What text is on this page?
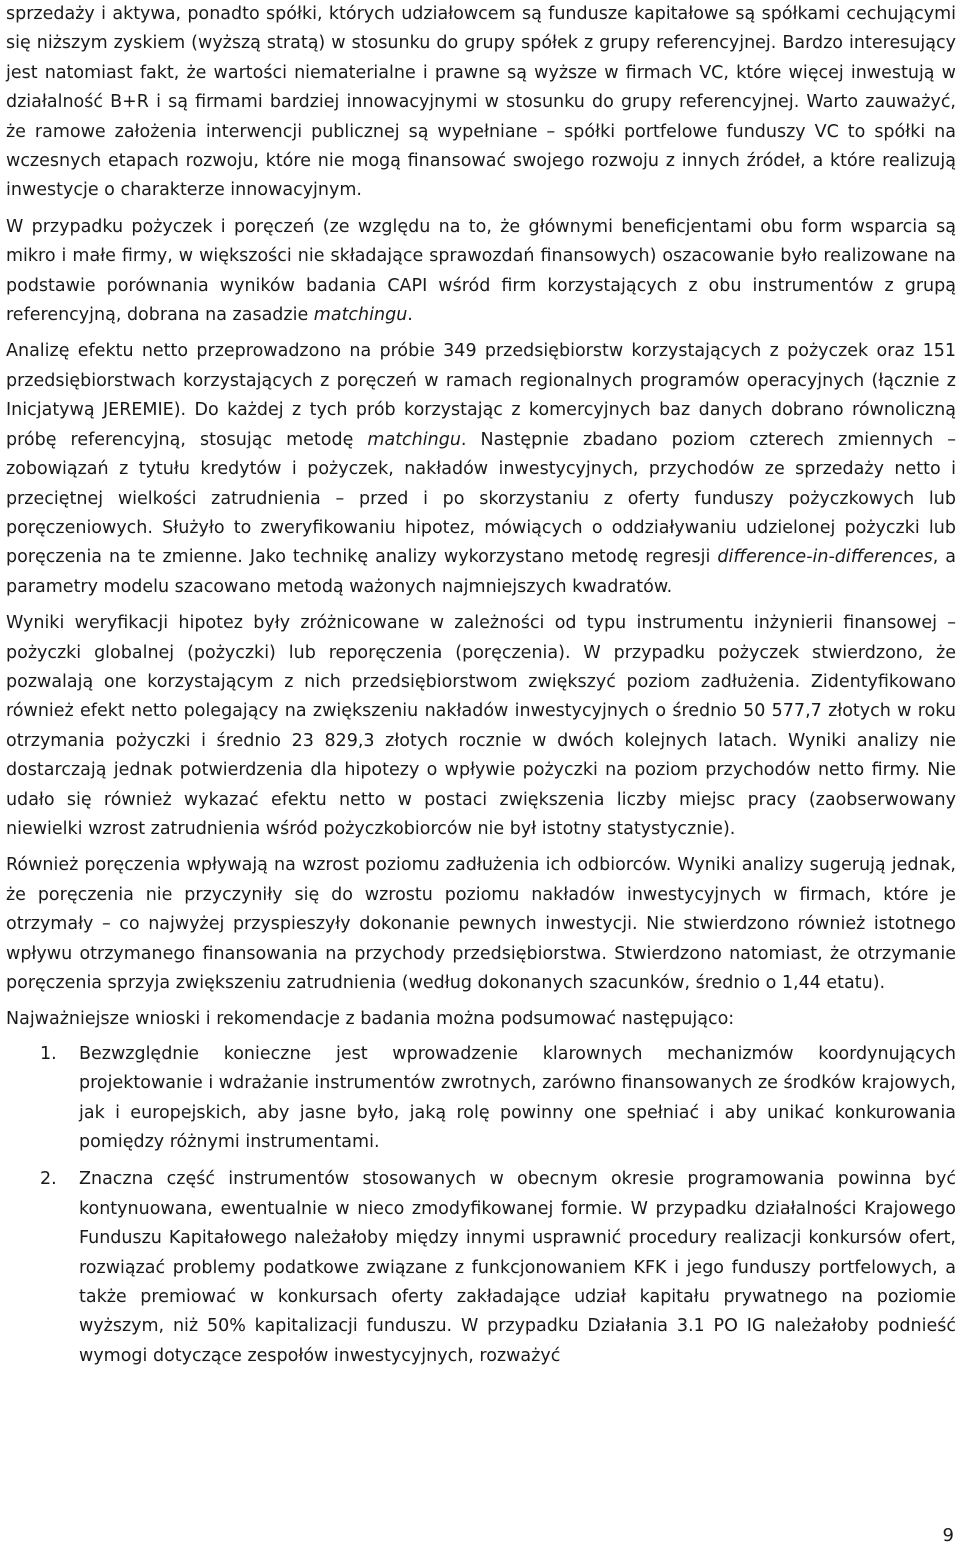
sprzedaży i aktywa, ponadto spółki, których udziałowcem są fundusze kapitałowe są spółkami cechującymi się niższym zyskiem (wyższą stratą) w stosunku do grupy spółek z grupy referencyjnej. Bardzo interesujący jest natomiast fakt, że wartości niematerialne i prawne są wyższe w firmach VC, które więcej inwestują w działalność B+R i są firmami bardziej innowacyjnymi w stosunku do grupy referencyjnej. Warto zauważyć, że ramowe założenia interwencji publicznej są wypełniane – spółki portfelowe funduszy VC to spółki na wczesnych etapach rozwoju, które nie mogą finansować swojego rozwoju z innych źródeł, a które realizują inwestycje o charakterze innowacyjnym.

W przypadku pożyczek i poręczeń (ze względu na to, że głównymi beneficjentami obu form wsparcia są mikro i małe firmy, w większości nie składające sprawozdań finansowych) oszacowanie było realizowane na podstawie porównania wyników badania CAPI wśród firm korzystających z obu instrumentów z grupą referencyjną, dobrana na zasadzie matchingu.

Analizę efektu netto przeprowadzono na próbie 349 przedsiębiorstw korzystających z pożyczek oraz 151 przedsiębiorstwach korzystających z poręczeń w ramach regionalnych programów operacyjnych (łącznie z Inicjatywą JEREMIE). Do każdej z tych prób korzystając z komercyjnych baz danych dobrano równoliczną próbę referencyjną, stosując metodę matchingu. Następnie zbadano poziom czterech zmiennych – zobowiązań z tytułu kredytów i pożyczek, nakładów inwestycyjnych, przychodów ze sprzedaży netto i przeciętnej wielkości zatrudnienia – przed i po skorzystaniu z oferty funduszy pożyczkowych lub poręczeniowych. Służyło to zweryfikowaniu hipotez, mówiących o oddziaływaniu udzielonej pożyczki lub poręczenia na te zmienne. Jako technikę analizy wykorzystano metodę regresji difference-in-differences, a parametry modelu szacowano metodą ważonych najmniejszych kwadratów.

Wyniki weryfikacji hipotez były zróżnicowane w zależności od typu instrumentu inżynierii finansowej – pożyczki globalnej (pożyczki) lub reporęczenia (poręczenia). W przypadku pożyczek stwierdzono, że pozwalają one korzystającym z nich przedsiębiorstwom zwiększyć poziom zadłużenia. Zidentyfikowano również efekt netto polegający na zwiększeniu nakładów inwestycyjnych o średnio 50 577,7 złotych w roku otrzymania pożyczki i średnio 23 829,3 złotych rocznie w dwóch kolejnych latach. Wyniki analizy nie dostarczają jednak potwierdzenia dla hipotezy o wpływie pożyczki na poziom przychodów netto firmy. Nie udało się również wykazać efektu netto w postaci zwiększenia liczby miejsc pracy (zaobserwowany niewielki wzrost zatrudnienia wśród pożyczkobiorców nie był istotny statystycznie).

Również poręczenia wpływają na wzrost poziomu zadłużenia ich odbiorców. Wyniki analizy sugerują jednak, że poręczenia nie przyczyniły się do wzrostu poziomu nakładów inwestycyjnych w firmach, które je otrzymały – co najwyżej przyspieszyły dokonanie pewnych inwestycji. Nie stwierdzono również istotnego wpływu otrzymanego finansowania na przychody przedsiębiorstwa. Stwierdzono natomiast, że otrzymanie poręczenia sprzyja zwiększeniu zatrudnienia (według dokonanych szacunków, średnio o 1,44 etatu).

Najważniejsze wnioski i rekomendacje z badania można podsumować następująco:

1. Bezwzględnie konieczne jest wprowadzenie klarownych mechanizmów koordynujących projektowanie i wdrażanie instrumentów zwrotnych, zarówno finansowanych ze środków krajowych, jak i europejskich, aby jasne było, jaką rolę powinny one spełniać i aby unikać konkurowania pomiędzy różnymi instrumentami.

2. Znaczna część instrumentów stosowanych w obecnym okresie programowania powinna być kontynuowana, ewentualnie w nieco zmodyfikowanej formie. W przypadku działalności Krajowego Funduszu Kapitałowego należałoby między innymi usprawnić procedury realizacji konkursów ofert, rozwiązać problemy podatkowe związane z funkcjonowaniem KFK i jego funduszy portfelowych, a także premiować w konkursach oferty zakładające udział kapitału prywatnego na poziomie wyższym, niż 50% kapitalizacji funduszu. W przypadku Działania 3.1 PO IG należałoby podnieść wymogi dotyczące zespołów inwestycyjnych, rozważyć

9
